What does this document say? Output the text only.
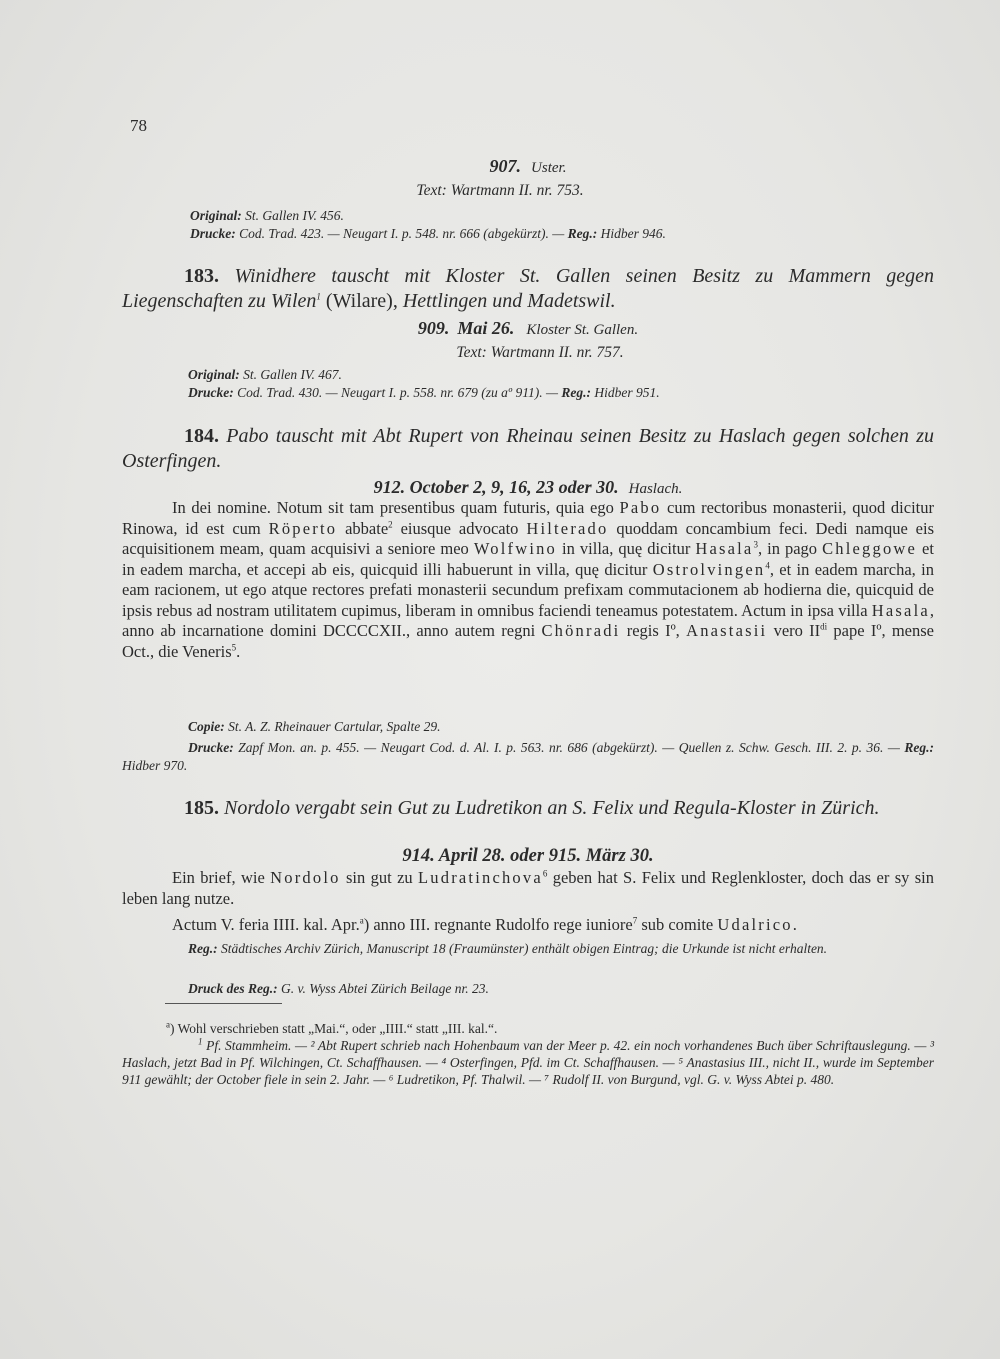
78
907. Uster.
Text: Wartmann II. nr. 753.
Original: St. Gallen IV. 456.
Drucke: Cod. Trad. 423. — Neugart I. p. 548. nr. 666 (abgekürzt). — Reg.: Hidber 946.
183. Winidhere tauscht mit Kloster St. Gallen seinen Besitz zu Mammern gegen Liegenschaften zu Wilen$^1$ (Wilare), Hettlingen und Madetswil.
909. Mai 26. Kloster St. Gallen.
Text: Wartmann II. nr. 757.
Original: St. Gallen IV. 467.
Drucke: Cod. Trad. 430. — Neugart I. p. 558. nr. 679 (zu aº 911). — Reg.: Hidber 951.
184. Pabo tauscht mit Abt Rupert von Rheinau seinen Besitz zu Haslach gegen solchen zu Osterfingen.
912. October 2, 9, 16, 23 oder 30. Haslach.
In dei nomine. Notum sit tam presentibus quam futuris, quia ego Pabo cum rectoribus monasterii, quod dicitur Rinowa, id est cum Röperto abbate$^2$ eiusque advocato Hilterado quoddam concambium feci. Dedi namque eis acquisitionem meam, quam acquisivi a seniore meo Wolfwino in villa, quę dicitur Hasala$^3$, in pago Chleggowe et in eadem marcha, et accepi ab eis, quicquid illi habuerunt in villa, quę dicitur Ostrolvingen$^4$, et in eadem marcha, in eam racionem, ut ego atque rectores prefati monasterii secundum prefixam commutacionem ab hodierna die, quicquid de ipsis rebus ad nostram utilitatem cupimus, liberam in omnibus faciendi teneamus potestatem. Actum in ipsa villa Hasala, anno ab incarnatione domini DCCCCXII., anno autem regni Chönradi regis Iº, Anastasii vero $II^{di}$ pape Iº, mense Oct., die Veneris$^5$.
Copie: St. A. Z. Rheinauer Cartular, Spalte 29.
Drucke: Zapf Mon. an. p. 455. — Neugart Cod. d. Al. I. p. 563. nr. 686 (abgekürzt). — Quellen z. Schw. Gesch. III. 2. p. 36. — Reg.: Hidber 970.
185. Nordolo vergabt sein Gut zu Ludretikon an S. Felix und Regula-Kloster in Zürich.
914. April 28. oder 915. März 30.

Ein brief, wie Nordolo sin gut zu Ludratinchova$^6$ geben hat S. Felix und Reglenkloster, doch das er sy sin leben lang nutze.

Actum V. feria IIII. kal. Apr.$^a$) anno III. regnante Rudolfo rege iuniore$^7$ sub comite Udalrico.

Reg.: Städtisches Archiv Zürich, Manuscript 18 (Fraumünster) enthält obigen Eintrag; die Urkunde ist nicht erhalten.
Druck des Reg.: G. v. Wyss Abtei Zürich Beilage nr. 23.

$^a$) Wohl verschrieben statt „Mai.“, oder „IIII.“ statt „III. kal.“.

$^1$ Pf. Stammheim. — ² Abt Rupert schrieb nach Hohenbaum van der Meer p. 42. ein noch vorhandenes Buch über Schriftauslegung. — ³ Haslach, jetzt Bad in Pf. Wilchingen, Ct. Schaffhausen. — ⁴ Osterfingen, Pfd. im Ct. Schaffhausen. — ⁵ Anastasius III., nicht II., wurde im September 911 gewählt; der October fiele in sein 2. Jahr. — ⁶ Ludretikon, Pf. Thalwil. — ⁷ Rudolf II. von Burgund, vgl. G. v. Wyss Abtei p. 480.
